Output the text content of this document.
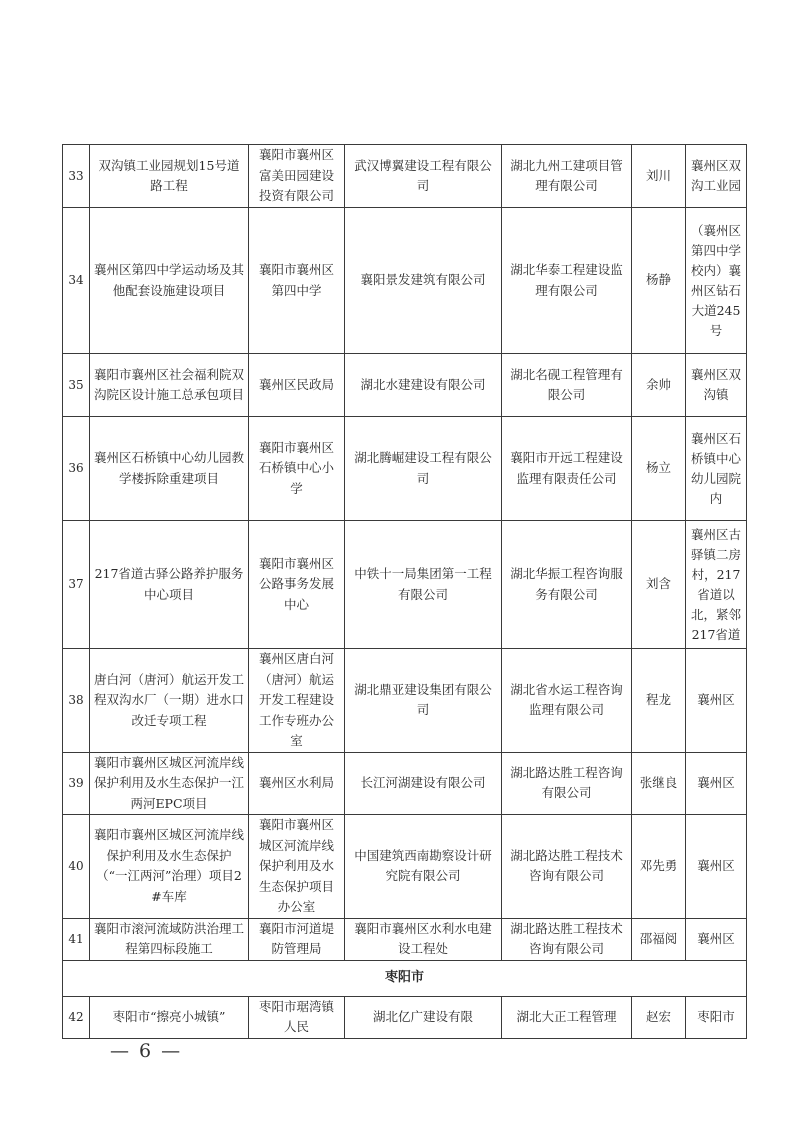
33	双沟镇工业园规划15号道路工程	襄阳市襄州区富美田园建设投资有限公司	武汉博翼建设工程有限公司	湖北九州工建项目管理有限公司	刘川	襄州区双沟工业园
34	襄州区第四中学运动场及其他配套设施建设项目	襄阳市襄州区第四中学	襄阳景发建筑有限公司	湖北华泰工程建设监理有限公司	杨静	（襄州区第四中学校内）襄州区钻石大道245号
35	襄阳市襄州区社会福利院双沟院区设计施工总承包项目	襄州区民政局	湖北水建建设有限公司	湖北名砚工程管理有限公司	余帅	襄州区双沟镇
36	襄州区石桥镇中心幼儿园教学楼拆除重建项目	襄阳市襄州区石桥镇中心小学	湖北腾崛建设工程有限公司	襄阳市开远工程建设监理有限责任公司	杨立	襄州区石桥镇中心幼儿园院内
37	217省道古驿公路养护服务中心项目	襄阳市襄州区公路事务发展中心	中铁十一局集团第一工程有限公司	湖北华振工程咨询服务有限公司	刘含	襄州区古驿镇二房村，217省道以北，紧邻217省道
38	唐白河（唐河）航运开发工程双沟水厂（一期）进水口改迁专项工程	襄州区唐白河（唐河）航运开发工程建设工作专班办公室	湖北鼎亚建设集团有限公司	湖北省水运工程咨询监理有限公司	程龙	襄州区
39	襄阳市襄州区城区河流岸线保护利用及水生态保护一江两河EPC项目	襄州区水利局	长江河湖建设有限公司	湖北路达胜工程咨询有限公司	张继良	襄州区
40	襄阳市襄州区城区河流岸线保护利用及水生态保护（“一江两河”治理）项目2#车库	襄阳市襄州区城区河流岸线保护利用及水生态保护项目办公室	中国建筑西南勘察设计研究院有限公司	湖北路达胜工程技术咨询有限公司	邓先勇	襄州区
41	襄阳市滚河流域防洪治理工程第四标段施工	襄阳市河道堤防管理局	襄阳市襄州区水利水电建设工程处	湖北路达胜工程技术咨询有限公司	邵福阅	襄州区
枣阳市						
42	枣阳市“擦亮小城镇”	枣阳市琚湾镇人民	湖北亿广建设有限	湖北大正工程管理	赵宏	枣阳市
— 6 —
